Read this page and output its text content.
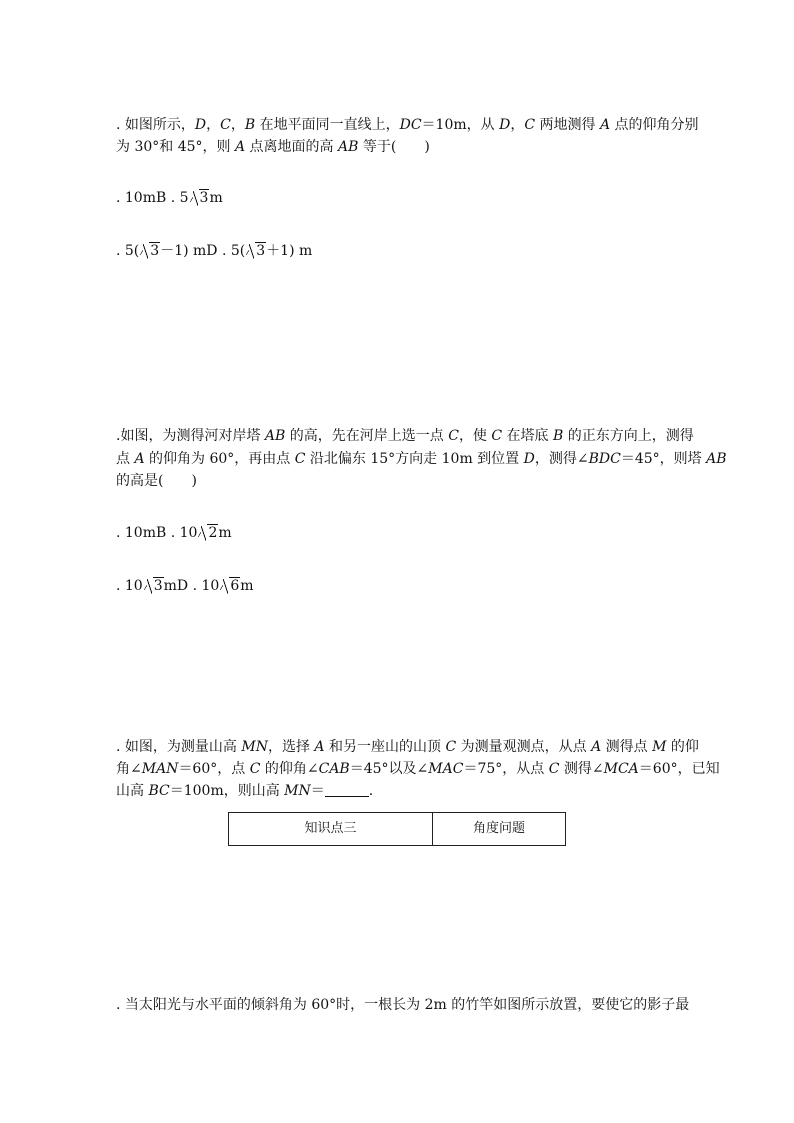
. 如图所示，D，C，B 在地平面同一直线上，DC＝10m，从 D，C 两地测得 A 点的仰角分别
为 30°和 45°，则 A 点离地面的高 AB 等于(　　)
. 10mB . 5 3m
. 5( 3－1) mD . 5( 3＋1) m
.如图，为测得河对岸塔 AB 的高，先在河岸上选一点 C，使 C 在塔底 B 的正东方向上，测得
点 A 的仰角为 60°，再由点 C 沿北偏东 15°方向走 10m 到位置 D，测得∠BDC＝45°，则塔 AB
的高是(　　)
. 10mB . 10 2m
. 10 3mD . 10 6m
. 如图，为测量山高 MN，选择 A 和另一座山的山顶 C 为测量观测点，从点 A 测得点 M 的仰
角∠MAN＝60°，点 C 的仰角∠CAB＝45°以及∠MAC＝75°，从点 C 测得∠MCA＝60°，已知
山高 BC＝100m，则山高 MN＝	.
知识点三	角度问题
. 当太阳光与水平面的倾斜角为 60°时，一根长为 2m 的竹竿如图所示放置，要使它的影子最
